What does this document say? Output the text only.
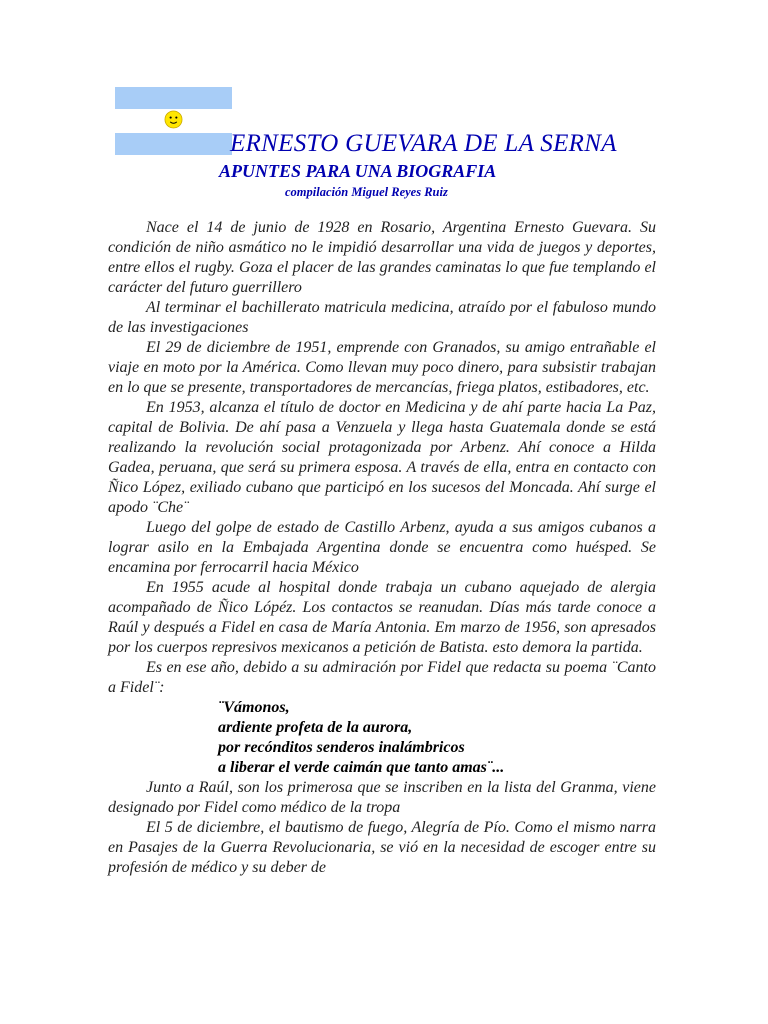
ERNESTO GUEVARA DE LA SERNA
APUNTES PARA UNA BIOGRAFIA
compilación Miguel Reyes Ruiz

Nace el 14 de junio de 1928 en Rosario, Argentina Ernesto Guevara. Su condición de niño asmático no le impidió desarrollar una vida de juegos y deportes, entre ellos el rugby. Goza el placer de las grandes caminatas lo que fue templando el carácter del futuro guerrillero

Al terminar el bachillerato matricula medicina, atraído por el fabuloso mundo de las investigaciones

El 29 de diciembre de 1951, emprende con Granados, su amigo entrañable el viaje en moto por la América. Como llevan muy poco dinero, para subsistir trabajan en lo que se presente, transportadores de mercancías, friega platos, estibadores, etc.

En 1953, alcanza el título de doctor en Medicina y de ahí parte hacia La Paz, capital de Bolivia. De ahí pasa a Venzuela y llega hasta Guatemala donde se está realizando la revolución social protagonizada por Arbenz. Ahí conoce a Hilda Gadea, peruana, que será su primera esposa. A través de ella, entra en contacto con Ñico López, exiliado cubano que participó en los sucesos del Moncada. Ahí surge el apodo ¨Che¨

Luego del golpe de estado de Castillo Arbenz, ayuda a sus amigos cubanos a lograr asilo en la Embajada Argentina donde se encuentra como huésped. Se encamina por ferrocarril hacia México

En 1955 acude al hospital donde trabaja un cubano aquejado de alergia acompañado de Ñico Lópéz. Los contactos se reanudan. Días más tarde conoce a Raúl y después a Fidel en casa de María Antonia. Em marzo de 1956, son apresados por los cuerpos represivos mexicanos a petición de Batista. esto demora la partida.

Es en ese año, debido a su admiración por Fidel que redacta su poema ¨Canto a Fidel¨:

¨Vámonos,
ardiente profeta de la aurora,
por recónditos senderos inalámbricos
a liberar el verde caimán que tanto amas¨...

Junto a Raúl, son los primerosa que se inscriben en la lista del Granma, viene designado por Fidel como médico de la tropa

El 5 de diciembre, el bautismo de fuego, Alegría de Pío. Como el mismo narra en Pasajes de la Guerra Revolucionaria, se vió en la necesidad de escoger entre su profesión de médico y su deber de
